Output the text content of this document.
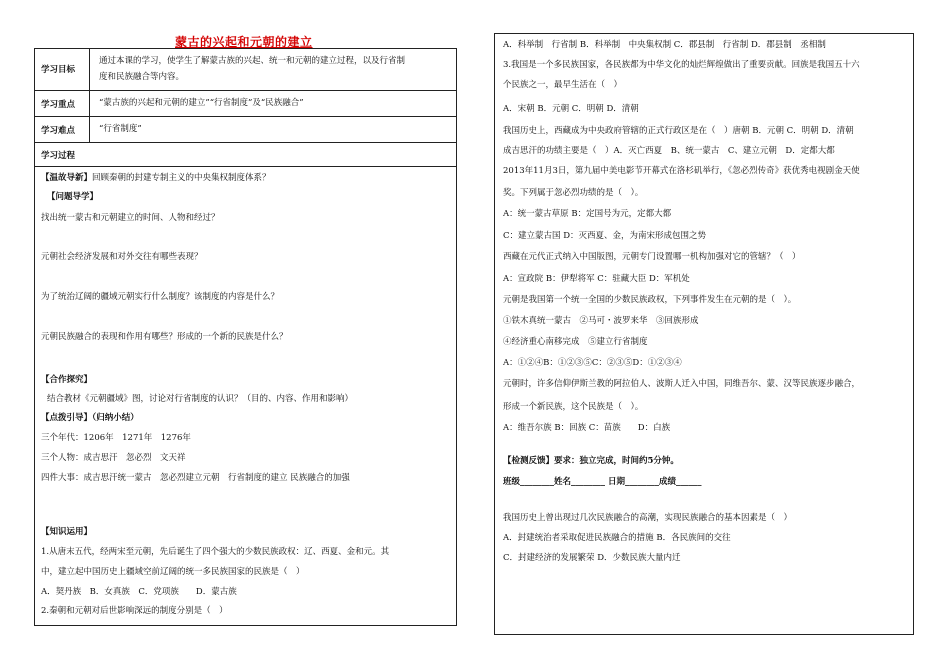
蒙古的兴起和元朝的建立
学习目标
通过本课的学习，使学生了解蒙古族的兴起、统一和元朝的建立过程，以及行省制
度和民族融合等内容。
学习重点	“蒙古族的兴起和元朝的建立”“行省制度”及“民族融合”
学习难点	“行省制度”
学习过程
【温故导新】回顾秦朝的封建专制主义的中央集权制度体系？
【问题导学】
找出统一蒙古和元朝建立的时间、人物和经过？
元朝社会经济发展和对外交往有哪些表现？
为了统治辽阔的疆域元朝实行什么制度？该制度的内容是什么？
元朝民族融合的表现和作用有哪些？形成的一个新的民族是什么？
【合作探究】
结合教材《元朝疆域》图，讨论对行省制度的认识？（目的、内容、作用和影响）
【点拨引导】（归纳小结）
三个年代：1206年　1271年　1276年
三个人物：成吉思汗　忽必烈　文天祥
四件大事：成吉思汗统一蒙古　忽必烈建立元朝　行省制度的建立 民族融合的加强
【知识运用】
1.从唐末五代，经两宋至元朝，先后诞生了四个强大的少数民族政权：辽、西夏、金和元。其
中，建立起中国历史上疆域空前辽阔的统一多民族国家的民族是（　）
A．契丹族　B．女真族　C．党项族　　D．蒙古族
2.秦朝和元朝对后世影响深远的制度分别是（　）
A．科举制　行省制 B．科举制　中央集权制 C．郡县制　行省制 D．郡县制　丞相制
3.我国是一个多民族国家，各民族都为中华文化的灿烂辉煌做出了重要贡献。回族是我国五十六
个民族之一，最早生活在（　）
A．宋朝 B．元朝 C．明朝 D．清朝
我国历史上，西藏成为中央政府管辖的正式行政区是在（　）唐朝 B．元朝 C．明朝 D．清朝
成吉思汗的功绩主要是（　）A．灭亡西夏　B、统一蒙古　C、建立元朝　D．定都大都
2013年11月3日，第九届中美电影节开幕式在洛杉矶举行，《忽必烈传奇》获优秀电视剧金天使
奖。下列属于忽必烈功绩的是（　）。
A：统一蒙古草原 B：定国号为元，定都大都
C：建立蒙古国 D：灭西夏、金，为南宋形成包围之势
西藏在元代正式纳入中国版图，元朝专门设置哪一机构加强对它的管辖？（　）
A：宣政院 B：伊犁将军 C：驻藏大臣 D：军机处
元朝是我国第一个统一全国的少数民族政权，下列事件发生在元朝的是（　）。
①铁木真统一蒙古　②马可・波罗来华　③回族形成
④经济重心南移完成　⑤建立行省制度
A：①②④B：①②③⑤C：②③⑤D：①②③④
元朝时，许多信仰伊斯兰教的阿拉伯人、波斯人迁入中国，同维吾尔、蒙、汉等民族逐步融合，
形成一个新民族，这个民族是（　）。
A：维吾尔族 B：回族 C：苗族　　D：白族
【检测反馈】要求：独立完成，时间约5分钟。
班级________姓名________ 日期________成绩______
我国历史上曾出现过几次民族融合的高潮，实现民族融合的基本因素是（　）
A．封建统治者采取促进民族融合的措施 B．各民族间的交往
C．封建经济的发展繁荣 D．少数民族大量内迁
